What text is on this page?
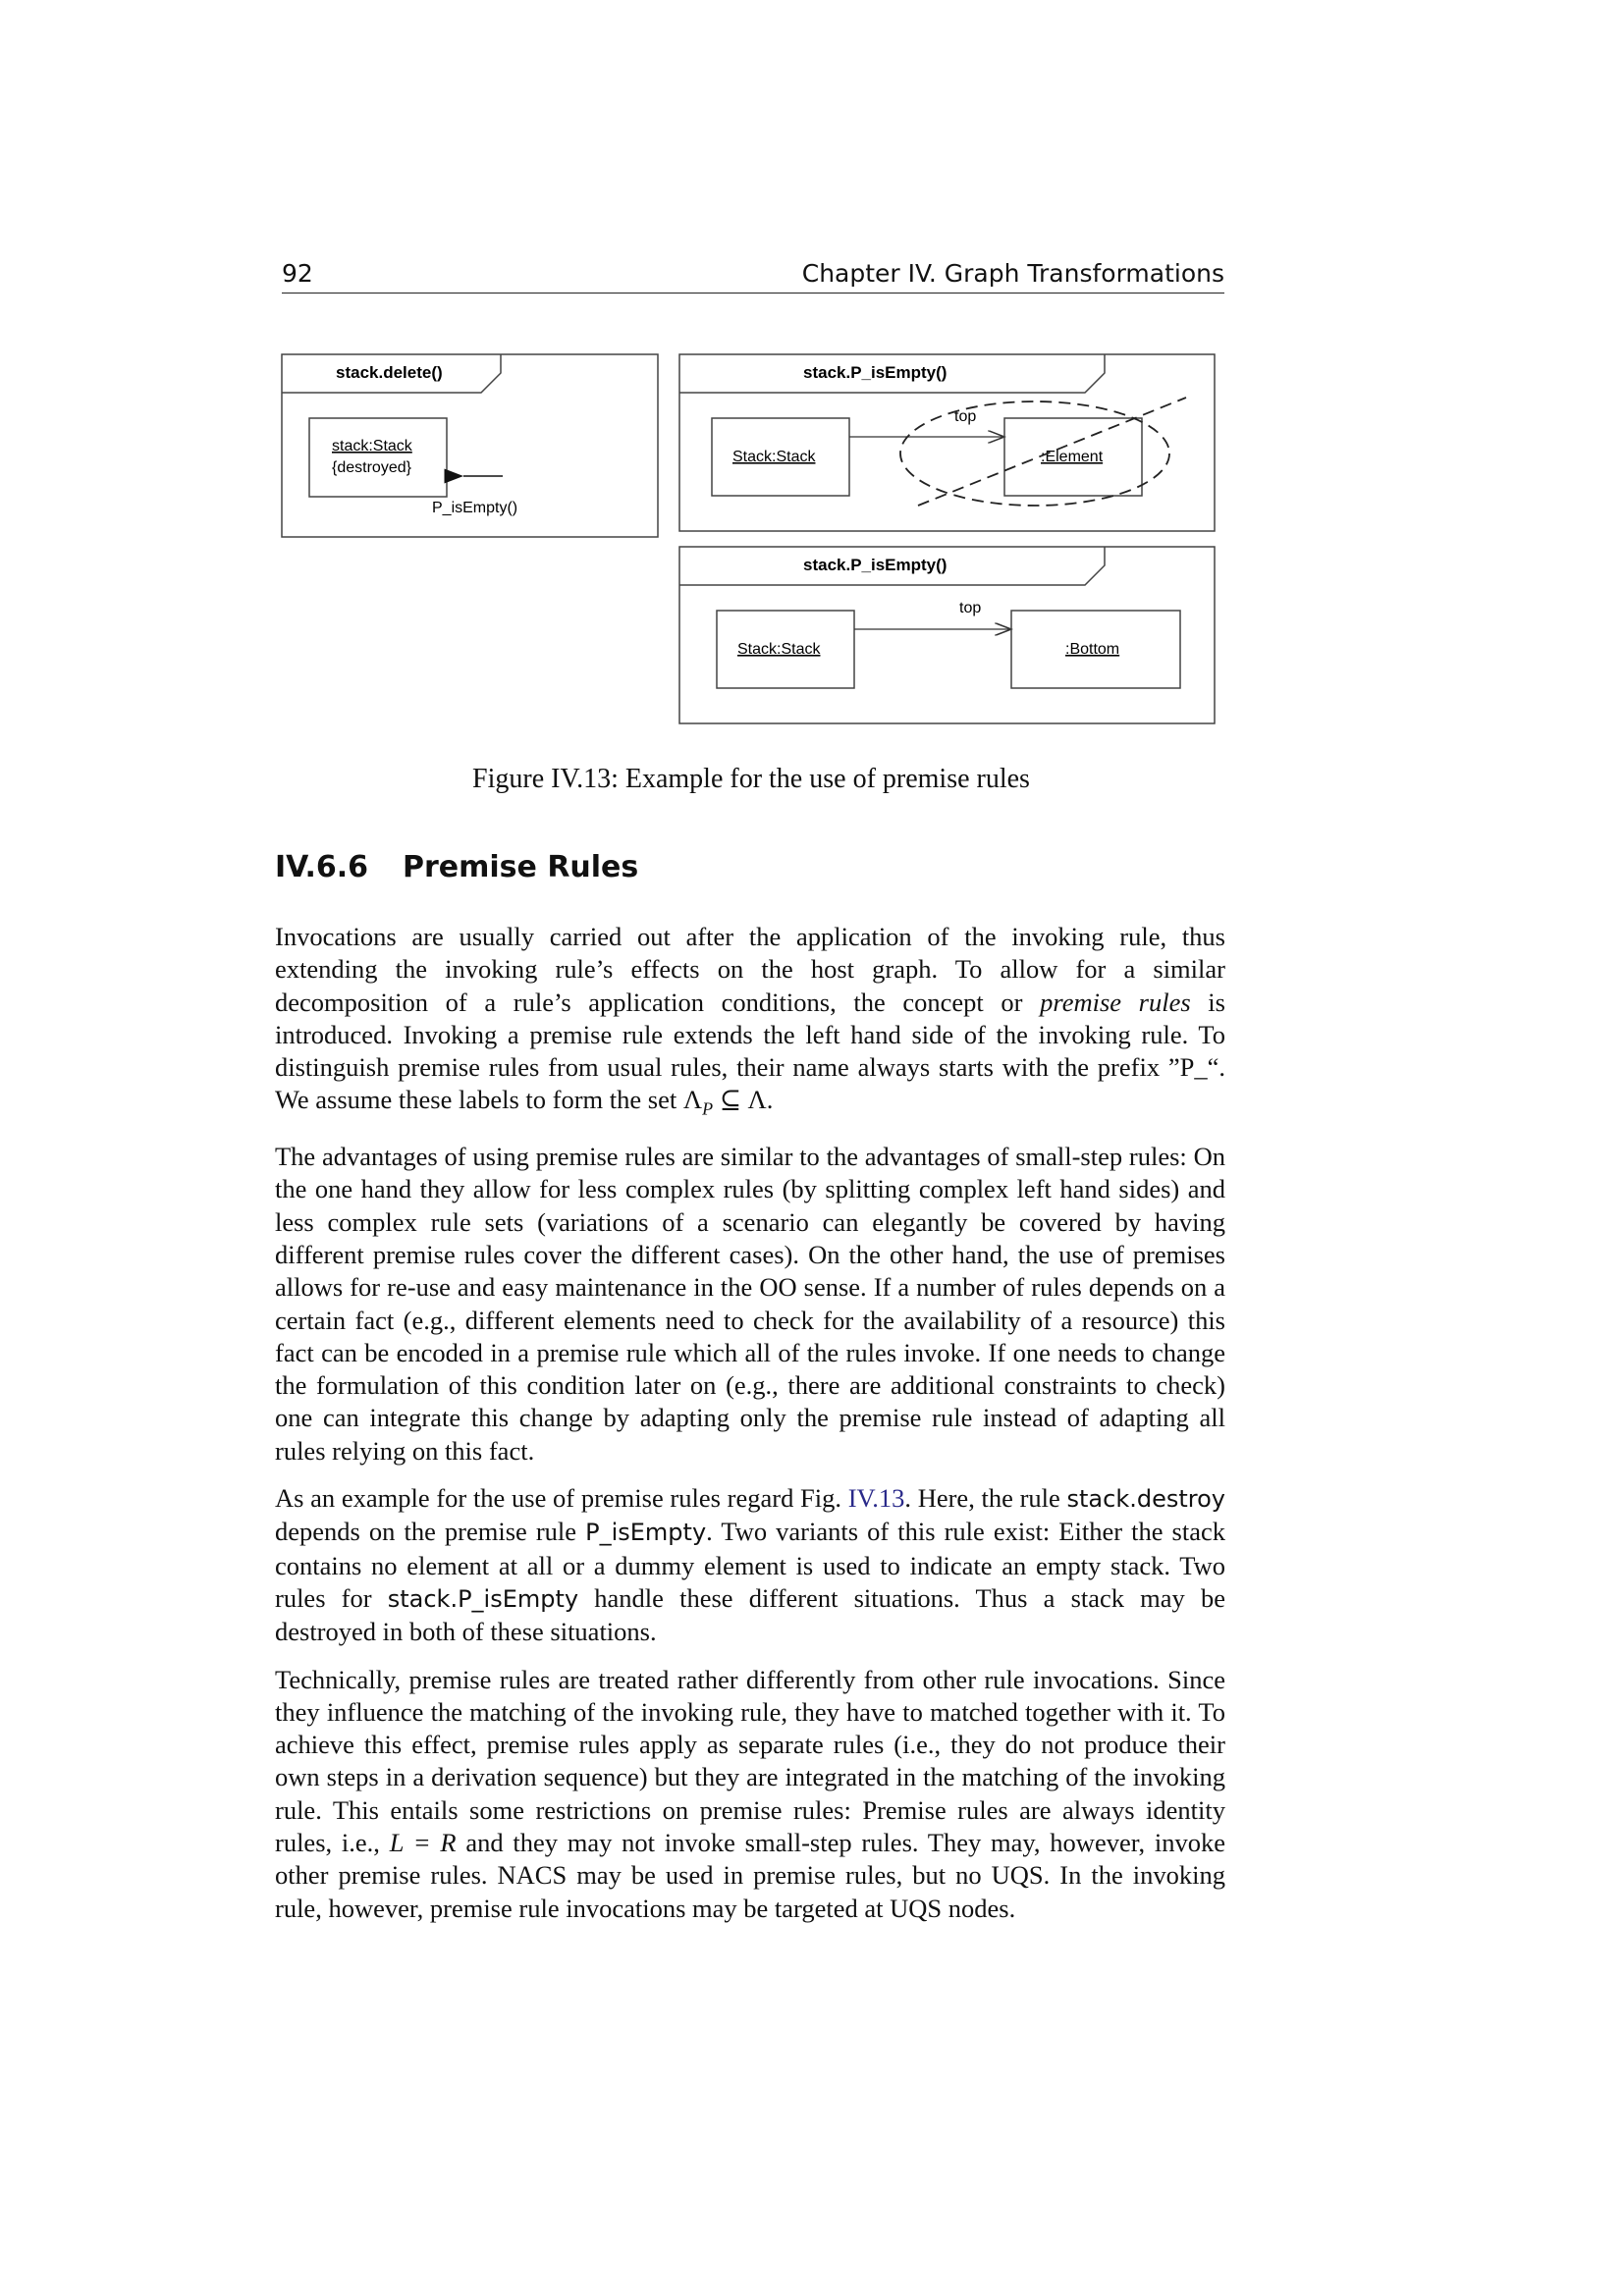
92	Chapter IV. Graph Transformations
stack.delete()
stack:Stack
{destroyed}
P_isEmpty()
stack.P_isEmpty()
Stack:Stack
top
:Element
stack.P_isEmpty()
Stack:Stack
top
:Bottom
Figure IV.13: Example for the use of premise rules
IV.6.6 Premise Rules

Invocations are usually carried out after the application of the invoking rule, thus extending the invoking rule’s effects on the host graph. To allow for a similar decomposition of a rule’s application conditions, the concept or premise rules is introduced. Invoking a premise rule extends the left hand side of the invoking rule. To distinguish premise rules from usual rules, their name always starts with the prefix ”P_“. We assume these labels to form the set $\Lambda_P$ ⊆ Λ.

The advantages of using premise rules are similar to the advantages of small-step rules: On the one hand they allow for less complex rules (by splitting complex left hand sides) and less complex rule sets (variations of a scenario can elegantly be covered by having different premise rules cover the different cases). On the other hand, the use of premises allows for re-use and easy maintenance in the OO sense. If a number of rules depends on a certain fact (e.g., different elements need to check for the availability of a resource) this fact can be encoded in a premise rule which all of the rules invoke. If one needs to change the formulation of this condition later on (e.g., there are additional constraints to check) one can integrate this change by adapting only the premise rule instead of adapting all rules relying on this fact.

As an example for the use of premise rules regard Fig. IV.13. Here, the rule stack.destroy depends on the premise rule P_isEmpty. Two variants of this rule exist: Either the stack contains no element at all or a dummy element is used to indicate an empty stack. Two rules for stack.P_isEmpty handle these different situations. Thus a stack may be destroyed in both of these situations.

Technically, premise rules are treated rather differently from other rule invocations. Since they influence the matching of the invoking rule, they have to matched together with it. To achieve this effect, premise rules apply as separate rules (i.e., they do not produce their own steps in a derivation sequence) but they are integrated in the matching of the invoking rule. This entails some restrictions on premise rules: Premise rules are always identity rules, i.e., L = R and they may not invoke small-step rules. They may, however, invoke other premise rules. NACS may be used in premise rules, but no UQS. In the invoking rule, however, premise rule invocations may be targeted at UQS nodes.
